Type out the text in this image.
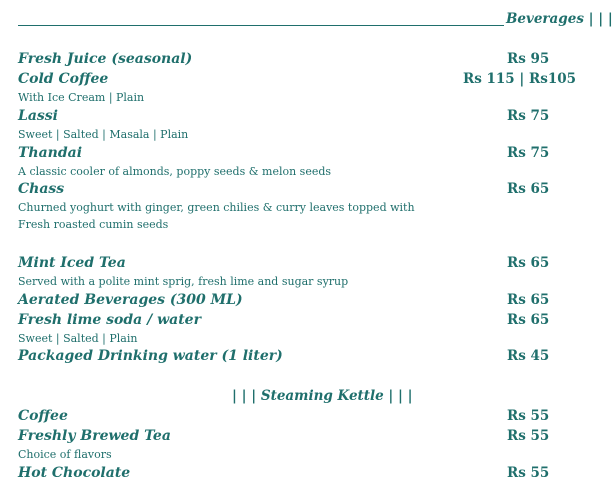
Beverages | | |
Fresh Juice (seasonal)	Rs 95
Cold Coffee	Rs 115 | Rs105
With Ice Cream | Plain
Lassi	Rs 75
Sweet | Salted | Masala | Plain
Thandai	Rs 75
A classic cooler of almonds, poppy seeds & melon seeds
Chass	Rs 65
Churned yoghurt with ginger, green chilies & curry leaves topped with
Fresh roasted cumin seeds
Mint Iced Tea	Rs 65
Served with a polite mint sprig, fresh lime and sugar syrup
Aerated Beverages (300 ML)	Rs 65
Fresh lime soda / water	Rs 65
Sweet | Salted | Plain
Packaged Drinking water (1 liter)	Rs 45
| | | Steaming Kettle | | |
Coffee	Rs 55
Freshly Brewed Tea	Rs 55
Choice of flavors
Hot Chocolate	Rs 55
